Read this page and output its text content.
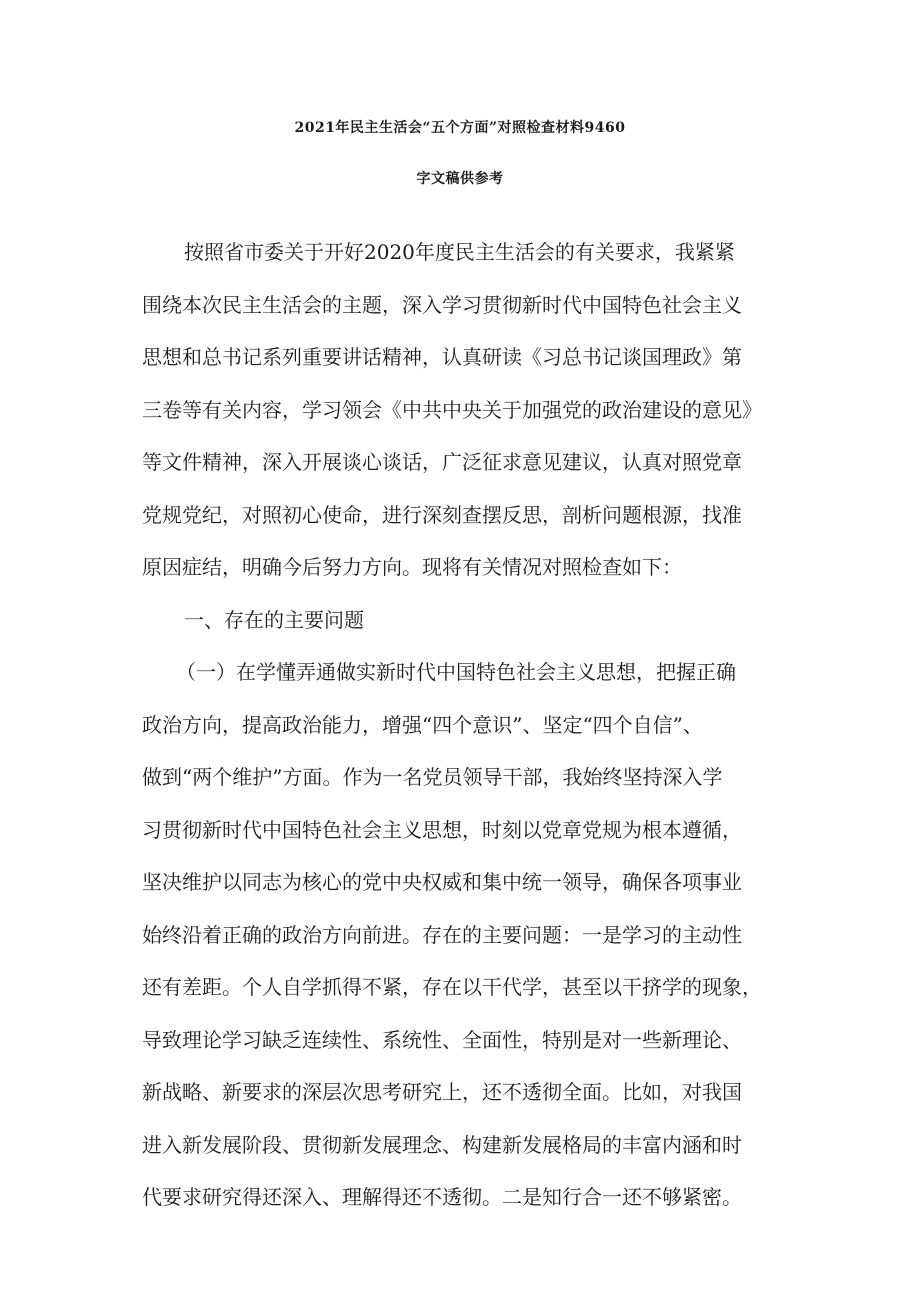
2021年民主生活会“五个方面”对照检查材料9460
字文稿供参考
按照省市委关于开好2020年度民主生活会的有关要求，我紧紧
围绕本次民主生活会的主题，深入学习贯彻新时代中国特色社会主义
思想和总书记系列重要讲话精神，认真研读《习总书记谈国理政》第
三卷等有关内容，学习领会《中共中央关于加强党的政治建设的意见》
等文件精神，深入开展谈心谈话，广泛征求意见建议，认真对照党章
党规党纪，对照初心使命，进行深刻查摆反思，剖析问题根源，找准
原因症结，明确今后努力方向。现将有关情况对照检查如下：
一、存在的主要问题
（一）在学懂弄通做实新时代中国特色社会主义思想，把握正确
政治方向，提高政治能力，增强“四个意识”、坚定“四个自信”、
做到“两个维护”方面。作为一名党员领导干部，我始终坚持深入学
习贯彻新时代中国特色社会主义思想，时刻以党章党规为根本遵循，
坚决维护以同志为核心的党中央权威和集中统一领导，确保各项事业
始终沿着正确的政治方向前进。存在的主要问题：一是学习的主动性
还有差距。个人自学抓得不紧，存在以干代学，甚至以干挤学的现象，
导致理论学习缺乏连续性、系统性、全面性，特别是对一些新理论、
新战略、新要求的深层次思考研究上，还不透彻全面。比如，对我国
进入新发展阶段、贯彻新发展理念、构建新发展格局的丰富内涵和时
代要求研究得还深入、理解得还不透彻。二是知行合一还不够紧密。
